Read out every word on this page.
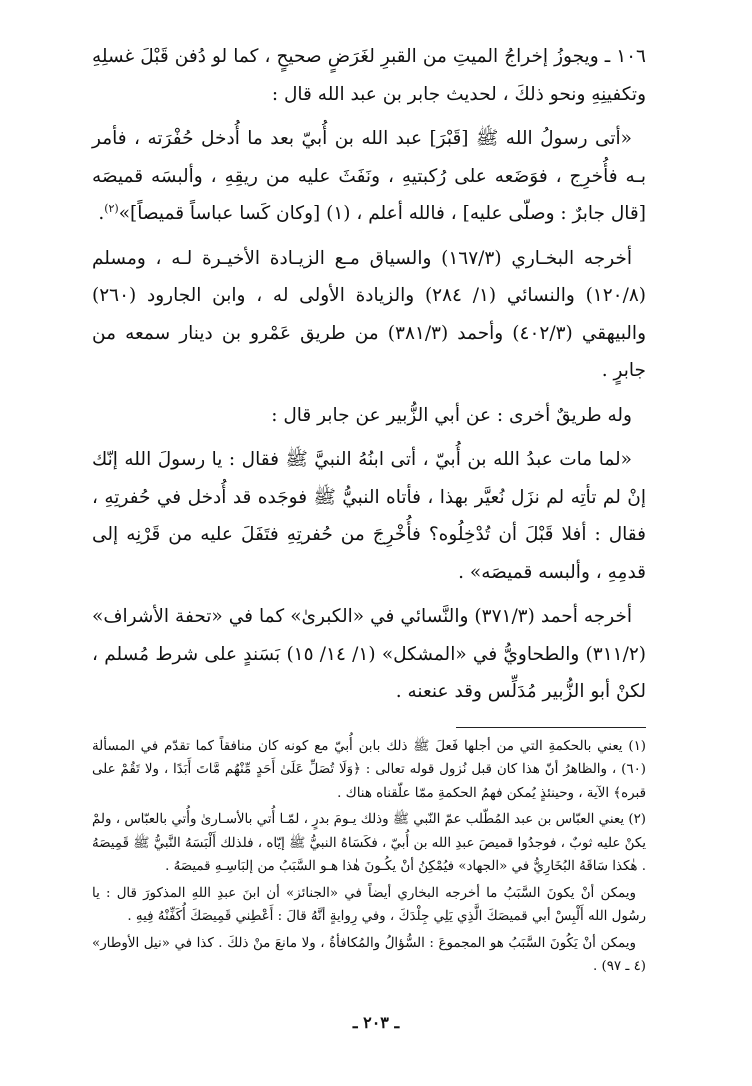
١٠٦ ـ ويجوزُ إخراجُ الميتِ من القبرِ لغَرَضٍ صحيحٍ ، كما لو دُفن قَبْلَ غسلِهِ وتكفينِهِ ونحو ذلكَ ، لحديث جابر بن عبد الله قال :

«أتى رسولُ الله ﷺ [قَبْرَ] عبد الله بن أُبيّ بعد ما أُدخل حُفْرَته ، فأمر بـه فأُخرِج ، فوَضَعه على رُكبتيهِ ، ونَفَثَ عليه من ريقِهِ ، وألبسَه قميصَه [قال جابرٌ : وصلّى عليه] ، فالله أعلم ، (١) [وكان كَسا عباساً قميصاً]»$^{(٢)}$.

أخرجه البخـاري (١٦٧/٣) والسياق مـع الزيـادة الأخيـرة لـه ، ومسلم (١٢٠/٨) والنسائي (١/ ٢٨٤) والزيادة الأولى له ، وابن الجارود (٢٦٠) والبيهقي (٤٠٢/٣) وأحمد (٣٨١/٣) من طريق عَمْرو بن دينار سمعه من جابرٍ .

وله طريقٌ أخرى : عن أبي الزُّبير عن جابر قال :

«لما مات عبدُ الله بن أُبيّ ، أتى ابنُهُ النبيَّ ﷺ فقال : يا رسولَ الله إنّك إنْ لم تأتِه لم نزَل نُعيَّر بهذا ، فأتاه النبيُّ ﷺ فوجَده قد أُدخل في حُفرتِهِ ، فقال : أفلا قَبْلَ أن تُدْخِلُوه؟ فأُخْرِجَ من حُفرتِهِ فتَفَلَ عليه من قَرْنِه إلى قدمِهِ ، وألبسه قميصَه» .

أخرجه أحمد (٣٧١/٣) والنَّسائي في «الكبرىٰ» كما في «تحفة الأشراف» (٣١١/٢) والطحاويُّ في «المشكل» (١/ ١٤/ ١٥) بَسَندٍ على شرط مُسلم ، لكنْ أبو الزُّبير مُدَلِّس وقد عنعنه .

(١) يعني بالحكمةِ التي من أجلها فَعلَ ﷺ ذلك بابن أُبيّ مع كونه كان منافقاً كما تقدّم في المسألة (٦٠) ، والظاهرُ أنّ هذا كان قبل نُزول قوله تعالى : ﴿وَلَا تُصَلِّ عَلَىٰ أَحَدٍ مِّنْهُم مَّاتَ أَبَدًا ، ولا تَقُمْ على قبره﴾ الآية ، وحينئذٍ يُمكن فهمُ الحكمةِ ممّا علّقناه هناك .

(٢) يعني العبّاس بن عبد المُطّلب عمّ النّبي ﷺ وذلك يـومَ بدرٍ ، لمّـا أُتي بالأسـارىٰ وأُتي بالعبّاس ، ولمْ يكنْ عليه ثوبٌ ، فوجدُوا قميصَ عبدِ الله بن أُبيّ ، فكَسَاهُ النبيُّ ﷺ إيّاه ، فلذلك أَلْبَسَهُ النَّبيُّ ﷺ قَمِيصَهُ . هٰكذا سَاقَهُ البُخَارِيُّ في «الجهاد» فيُمْكِنُ أنْ يكُـونَ هٰذا هـو السَّبَبُ من إلبَاسِـهِ قميصَهُ .

ويمكن أنْ يكونَ السَّبَبُ ما أخرجه البخاري أيضاً في «الجنائز» أن ابنَ عبدِ اللهِ المذكورَ قال : يا رسُول الله أَلْبِسْ أبي قميصَكَ الَّذِي يَلِي جِلْدَكَ ، وفي رِوايةٍ أنَّهُ قالَ : أَعْطِني قَمِيصَكَ أُكَفِّنْهُ فِيهِ .

ويمكن أنْ يَكُونَ السَّبَبُ هو المجموعَ : السُّؤالُ والمُكافأةُ ، ولا مانعَ منْ ذلكَ . كذا في «نيل الأوطار» (٤ ـ ٩٧) .

ـ ٢٠٣ ـ
